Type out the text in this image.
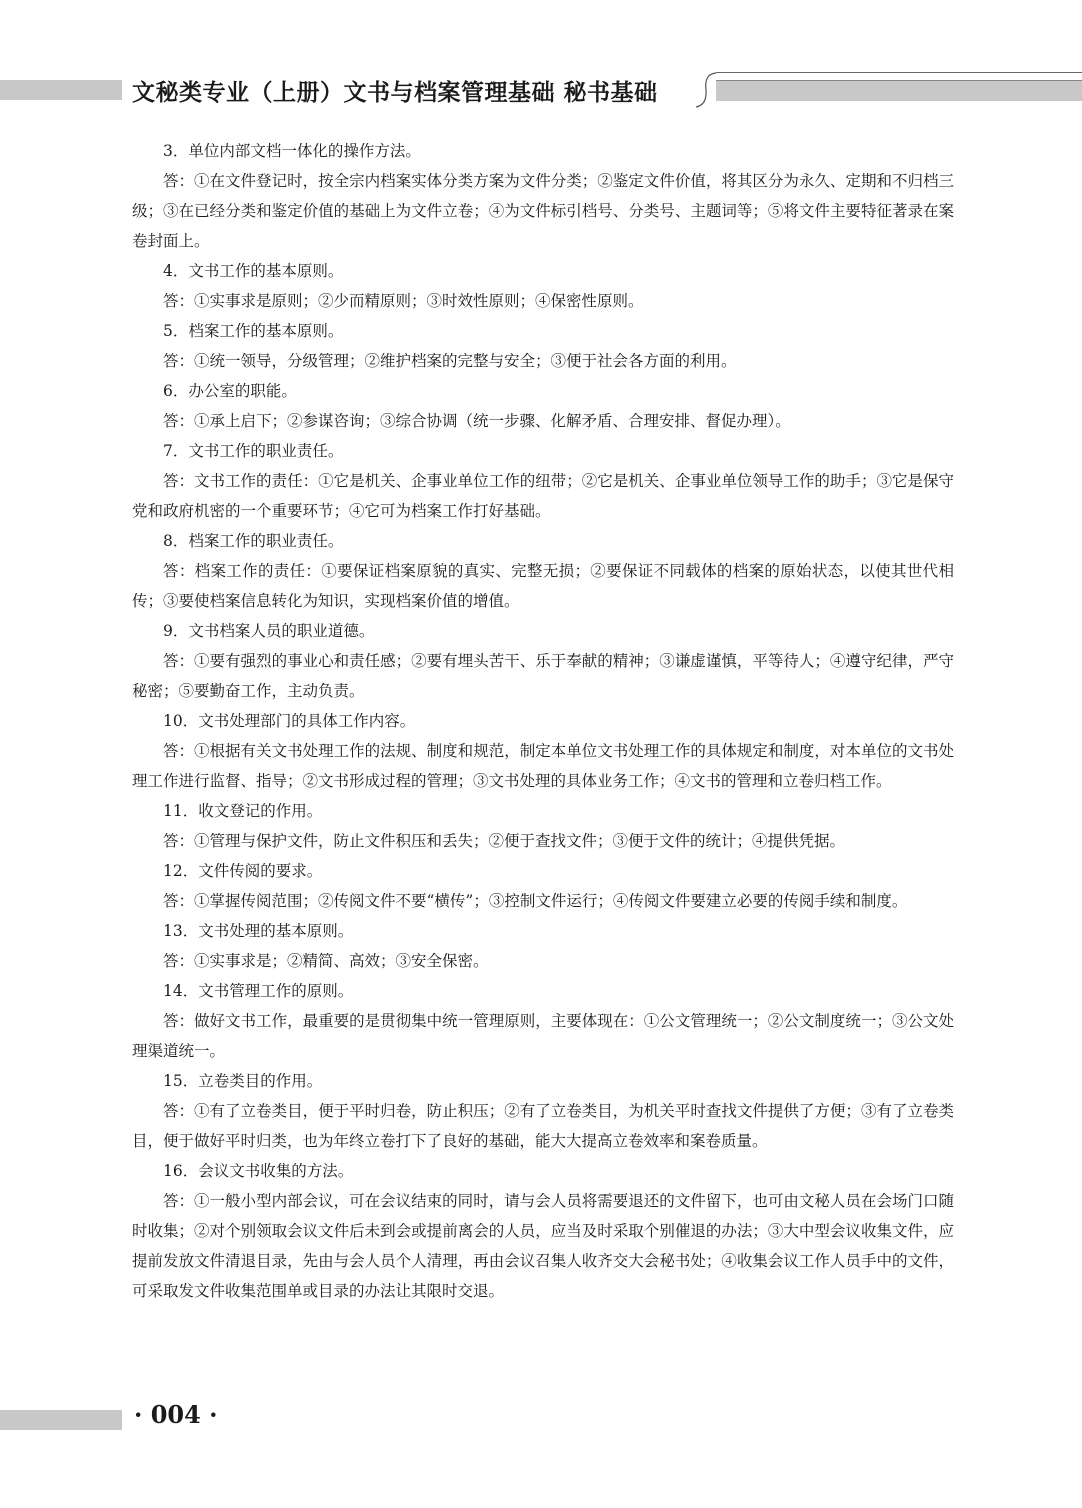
文秘类专业（上册）文书与档案管理基础 秘书基础

3．单位内部文档一体化的操作方法。

答：①在文件登记时，按全宗内档案实体分类方案为文件分类；②鉴定文件价值，将其区分为永久、定期和不归档三级；③在已经分类和鉴定价值的基础上为文件立卷；④为文件标引档号、分类号、主题词等；⑤将文件主要特征著录在案卷封面上。

4．文书工作的基本原则。

答：①实事求是原则；②少而精原则；③时效性原则；④保密性原则。

5．档案工作的基本原则。

答：①统一领导，分级管理；②维护档案的完整与安全；③便于社会各方面的利用。

6．办公室的职能。

答：①承上启下；②参谋咨询；③综合协调（统一步骤、化解矛盾、合理安排、督促办理）。

7．文书工作的职业责任。

答：文书工作的责任：①它是机关、企事业单位工作的纽带；②它是机关、企事业单位领导工作的助手；③它是保守党和政府机密的一个重要环节；④它可为档案工作打好基础。

8．档案工作的职业责任。

答：档案工作的责任：①要保证档案原貌的真实、完整无损；②要保证不同载体的档案的原始状态，以使其世代相传；③要使档案信息转化为知识，实现档案价值的增值。

9．文书档案人员的职业道德。

答：①要有强烈的事业心和责任感；②要有埋头苦干、乐于奉献的精神；③谦虚谨慎，平等待人；④遵守纪律，严守秘密；⑤要勤奋工作，主动负责。

10．文书处理部门的具体工作内容。

答：①根据有关文书处理工作的法规、制度和规范，制定本单位文书处理工作的具体规定和制度，对本单位的文书处理工作进行监督、指导；②文书形成过程的管理；③文书处理的具体业务工作；④文书的管理和立卷归档工作。

11．收文登记的作用。

答：①管理与保护文件，防止文件积压和丢失；②便于查找文件；③便于文件的统计；④提供凭据。

12．文件传阅的要求。

答：①掌握传阅范围；②传阅文件不要“横传”；③控制文件运行；④传阅文件要建立必要的传阅手续和制度。

13．文书处理的基本原则。

答：①实事求是；②精简、高效；③安全保密。

14．文书管理工作的原则。

答：做好文书工作，最重要的是贯彻集中统一管理原则，主要体现在：①公文管理统一；②公文制度统一；③公文处理渠道统一。

15．立卷类目的作用。

答：①有了立卷类目，便于平时归卷，防止积压；②有了立卷类目，为机关平时查找文件提供了方便；③有了立卷类目，便于做好平时归类，也为年终立卷打下了良好的基础，能大大提高立卷效率和案卷质量。

16．会议文书收集的方法。

答：①一般小型内部会议，可在会议结束的同时，请与会人员将需要退还的文件留下，也可由文秘人员在会场门口随时收集；②对个别领取会议文件后未到会或提前离会的人员，应当及时采取个别催退的办法；③大中型会议收集文件，应提前发放文件清退目录，先由与会人员个人清理，再由会议召集人收齐交大会秘书处；④收集会议工作人员手中的文件，可采取发文件收集范围单或目录的办法让其限时交退。

· 004 ·
